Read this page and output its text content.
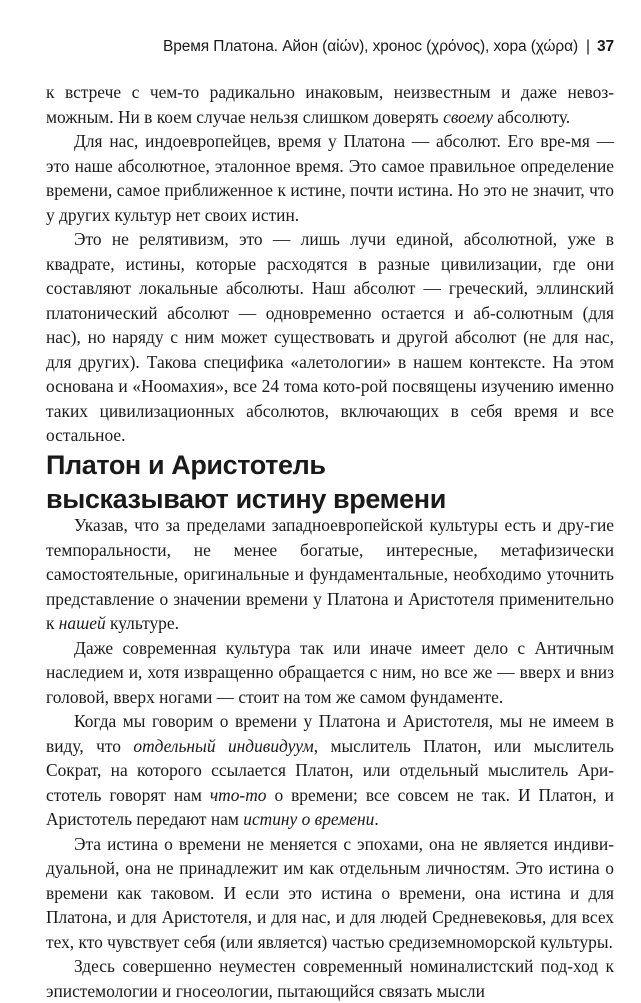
Время Платона. Айон (αἰών), хронос (χρόνος), хора (χώρα) | 37

к встрече с чем-то радикально инаковым, неизвестным и даже невоз-можным. Ни в коем случае нельзя слишком доверять своему абсолюту.

Для нас, индоевропейцев, время у Платона — абсолют. Его вре-мя — это наше абсолютное, эталонное время. Это самое правильное определение времени, самое приближенное к истине, почти истина. Но это не значит, что у других культур нет своих истин.

Это не релятивизм, это — лишь лучи единой, абсолютной, уже в квадрате, истины, которые расходятся в разные цивилизации, где они составляют локальные абсолюты. Наш абсолют — греческий, эллинский платонический абсолют — одновременно остается и аб-солютным (для нас), но наряду с ним может существовать и другой абсолют (не для нас, для других). Такова специфика «алетологии» в нашем контексте. На этом основана и «Ноомахия», все 24 тома кото-рой посвящены изучению именно таких цивилизационных абсолютов, включающих в себя время и все остальное.

Платон и Аристотель
высказывают истину времени

Указав, что за пределами западноевропейской культуры есть и дру-гие темпоральности, не менее богатые, интересные, метафизически самостоятельные, оригинальные и фундаментальные, необходимо уточнить представление о значении времени у Платона и Аристотеля применительно к нашей культуре.

Даже современная культура так или иначе имеет дело с Античным наследием и, хотя извращенно обращается с ним, но все же — вверх и вниз головой, вверх ногами — стоит на том же самом фундаменте.

Когда мы говорим о времени у Платона и Аристотеля, мы не имеем в виду, что отдельный индивидуум, мыслитель Платон, или мыслитель Сократ, на которого ссылается Платон, или отдельный мыслитель Ари-стотель говорят нам что-то о времени; все совсем не так. И Платон, и Аристотель передают нам истину о времени.

Эта истина о времени не меняется с эпохами, она не является индиви-дуальной, она не принадлежит им как отдельным личностям. Это истина о времени как таковом. И если это истина о времени, она истина и для Платона, и для Аристотеля, и для нас, и для людей Средневековья, для всех тех, кто чувствует себя (или является) частью средиземноморской культуры.

Здесь совершенно неуместен современный номиналистский под-ход к эпистемологии и гносеологии, пытающийся связать мысли
